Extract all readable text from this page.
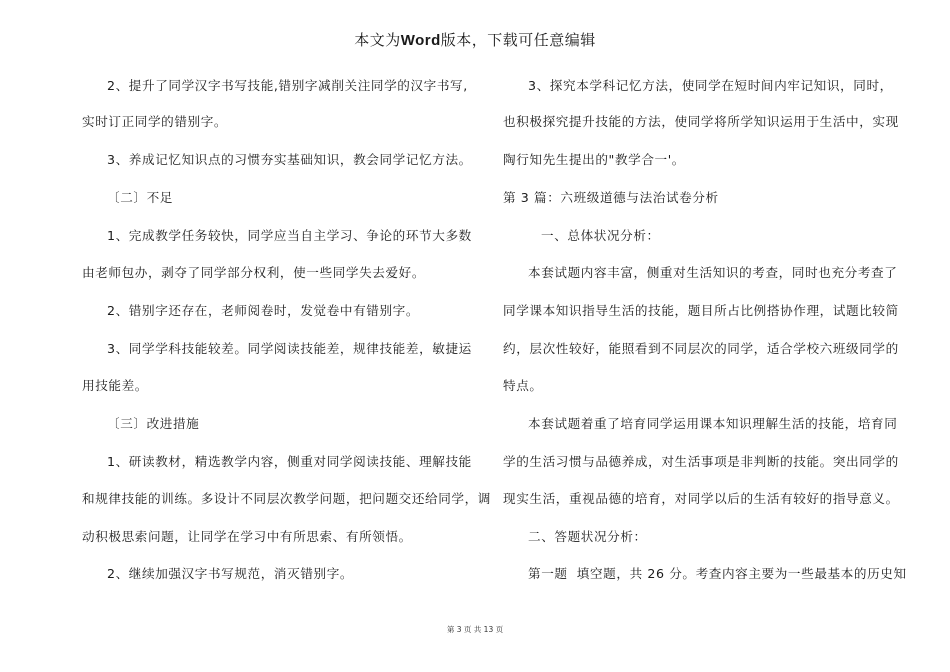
本文为Word版本，下载可任意编辑
2、提升了同学汉字书写技能,错别字减削关注同学的汉字书写,
实时订正同学的错别字。
3、养成记忆知识点的习惯夯实基础知识，教会同学记忆方法。
〔二〕不足
1、完成教学任务较快，同学应当自主学习、争论的环节大多数
由老师包办，剥夺了同学部分权利，使一些同学失去爱好。
2、错别字还存在，老师阅卷时，发觉卷中有错别字。
3、同学学科技能较差。同学阅读技能差，规律技能差，敏捷运
用技能差。
〔三〕改进措施
1、研读教材，精选教学内容，侧重对同学阅读技能、理解技能
和规律技能的训练。多设计不同层次教学问题，把问题交还给同学，调
动积极思索问题，让同学在学习中有所思索、有所领悟。
2、继续加强汉字书写规范，消灭错别字。
3、探究本学科记忆方法，使同学在短时间内牢记知识，同时，
也积极探究提升技能的方法，使同学将所学知识运用于生活中，实现
陶行知先生提出的"教学合一'。
第 3 篇：六班级道德与法治试卷分析
一、总体状况分析：
本套试题内容丰富，侧重对生活知识的考查，同时也充分考查了
同学课本知识指导生活的技能，题目所占比例搭协作理，试题比较简
约，层次性较好，能照看到不同层次的同学，适合学校六班级同学的
特点。
本套试题着重了培育同学运用课本知识理解生活的技能，培育同
学的生活习惯与品德养成，对生活事项是非判断的技能。突出同学的
现实生活，重视品德的培育，对同学以后的生活有较好的指导意义。
二、答题状况分析：
第一题  填空题，共 26 分。考查内容主要为一些最基本的历史知
第 3 页 共 13 页
